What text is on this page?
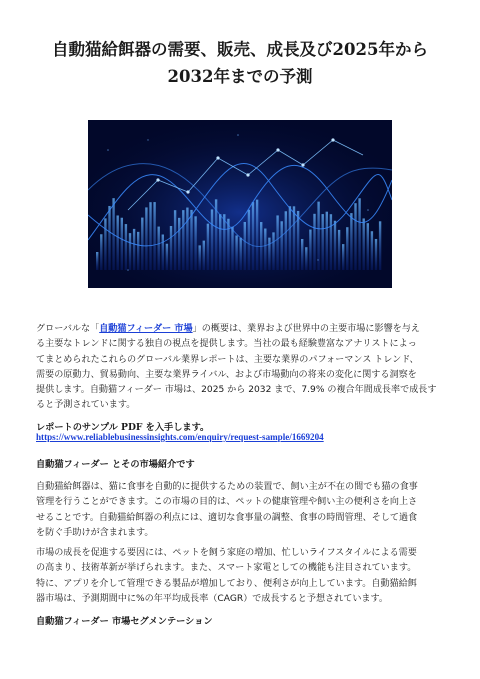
自動猫給餌器の需要、販売、成長及び2025年から2032年までの予測

グローバルな「自動猫フィーダー 市場」の概要は、業界および世界中の主要市場に影響を与え

る主要なトレンドに関する独自の視点を提供します。当社の最も経験豊富なアナリストによっ

てまとめられたこれらのグローバル業界レポートは、主要な業界のパフォーマンス トレンド、

需要の原動力、貿易動向、主要な業界ライバル、および市場動向の将来の変化に関する洞察を

提供します。自動猫フィーダー 市場は、2025 から 2032 まで、7.9% の複合年間成長率で成長す

ると予測されています。

レポートのサンプル PDF を入手します。

https://www.reliablebusinessinsights.com/enquiry/request-sample/1669204
自動猫フィーダー とその市場紹介です

自動猫給餌器は、猫に食事を自動的に提供するための装置で、飼い主が不在の間でも猫の食事

管理を行うことができます。この市場の目的は、ペットの健康管理や飼い主の便利さを向上さ

せることです。自動猫給餌器の利点には、適切な食事量の調整、食事の時間管理、そして過食

を防ぐ手助けが含まれます。

市場の成長を促進する要因には、ペットを飼う家庭の増加、忙しいライフスタイルによる需要

の高まり、技術革新が挙げられます。また、スマート家電としての機能も注目されています。

特に、アプリを介して管理できる製品が増加しており、便利さが向上しています。自動猫給餌

器市場は、予測期間中に%の年平均成長率（CAGR）で成長すると予想されています。

自動猫フィーダー 市場セグメンテーション
